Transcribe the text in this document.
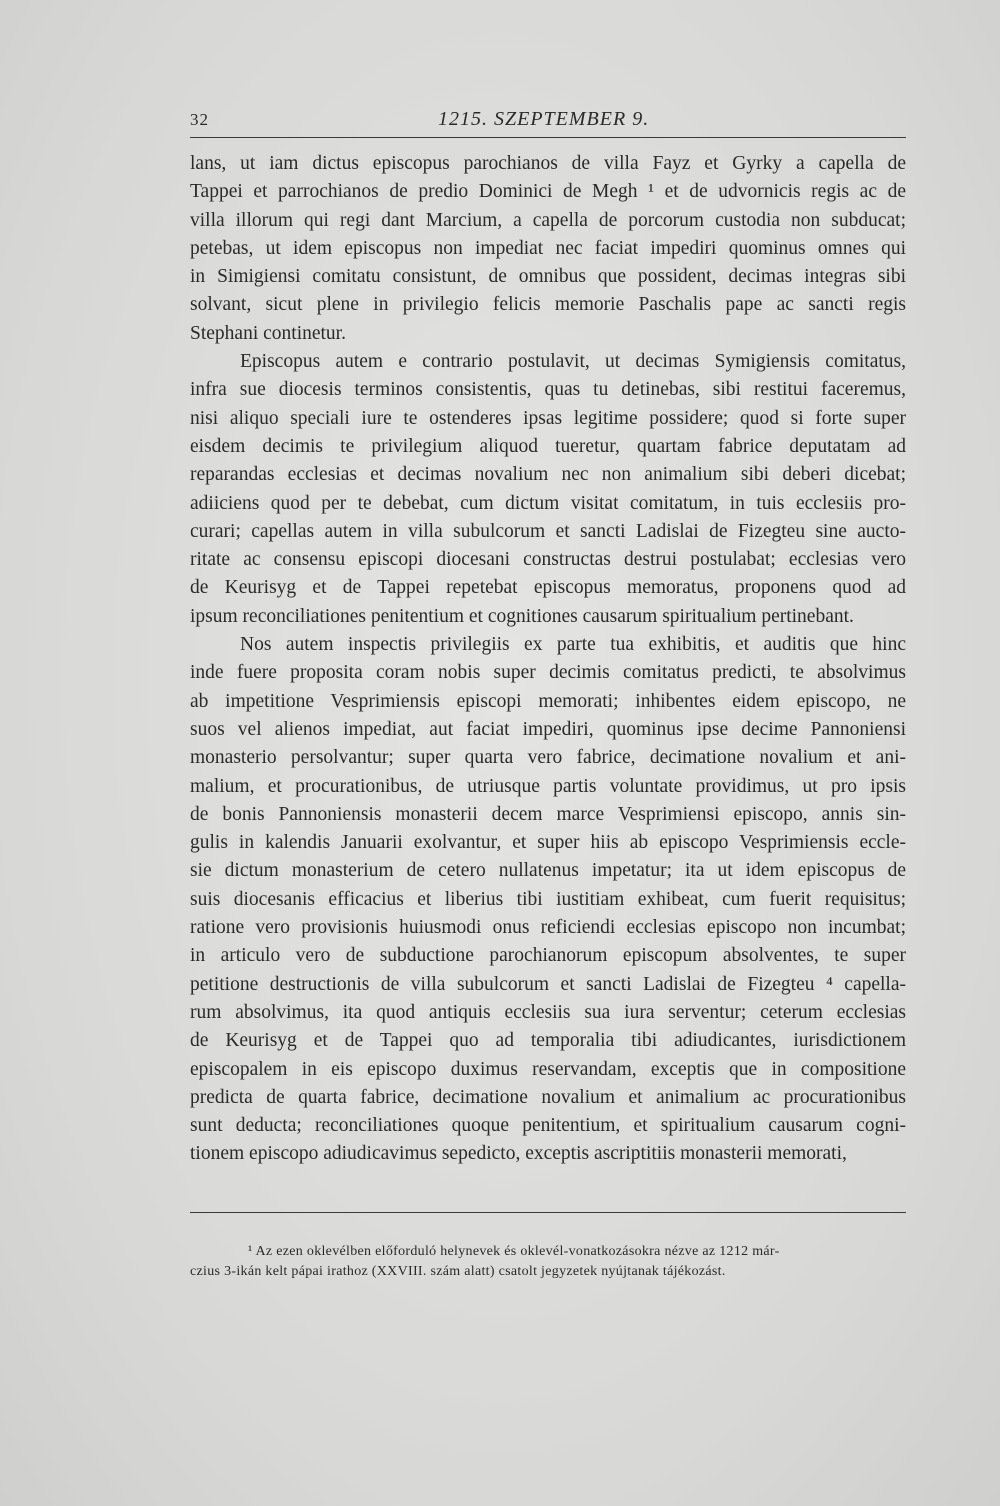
32	1215. SZEPTEMBER 9.

lans, ut iam dictus episcopus parochianos de villa Fayz et Gyrky a capella de
Tappei et parrochianos de predio Dominici de Megh ¹ et de udvornicis regis ac de
villa illorum qui regi dant Marcium, a capella de porcorum custodia non subducat;
petebas, ut idem episcopus non impediat nec faciat impediri quominus omnes qui
in Simigiensi comitatu consistunt, de omnibus que possident, decimas integras sibi
solvant, sicut plene in privilegio felicis memorie Paschalis pape ac sancti regis
Stephani continetur.

Episcopus autem e contrario postulavit, ut decimas Symigiensis comitatus,
infra sue diocesis terminos consistentis, quas tu detinebas, sibi restitui faceremus,
nisi aliquo speciali iure te ostenderes ipsas legitime possidere; quod si forte super
eisdem decimis te privilegium aliquod tueretur, quartam fabrice deputatam ad
reparandas ecclesias et decimas novalium nec non animalium sibi deberi dicebat;
adiiciens quod per te debebat, cum dictum visitat comitatum, in tuis ecclesiis pro-
curari; capellas autem in villa subulcorum et sancti Ladislai de Fizegteu sine aucto-
ritate ac consensu episcopi diocesani constructas destrui postulabat; ecclesias vero
de Keurisyg et de Tappei repetebat episcopus memoratus, proponens quod ad
ipsum reconciliationes penitentium et cognitiones causarum spiritualium pertinebant.

Nos autem inspectis privilegiis ex parte tua exhibitis, et auditis que hinc
inde fuere proposita coram nobis super decimis comitatus predicti, te absolvimus
ab impetitione Vesprimiensis episcopi memorati; inhibentes eidem episcopo, ne
suos vel alienos impediat, aut faciat impediri, quominus ipse decime Pannoniensi
monasterio persolvantur; super quarta vero fabrice, decimatione novalium et ani-
malium, et procurationibus, de utriusque partis voluntate providimus, ut pro ipsis
de bonis Pannoniensis monasterii decem marce Vesprimiensi episcopo, annis sin-
gulis in kalendis Januarii exolvantur, et super hiis ab episcopo Vesprimiensis eccle-
sie dictum monasterium de cetero nullatenus impetatur; ita ut idem episcopus de
suis diocesanis efficacius et liberius tibi iustitiam exhibeat, cum fuerit requisitus;
ratione vero provisionis huiusmodi onus reficiendi ecclesias episcopo non incumbat;
in articulo vero de subductione parochianorum episcopum absolventes, te super
petitione destructionis de villa subulcorum et sancti Ladislai de Fizegteu ⁴ capella-
rum absolvimus, ita quod antiquis ecclesiis sua iura serventur; ceterum ecclesias
de Keurisyg et de Tappei quo ad temporalia tibi adiudicantes, iurisdictionem
episcopalem in eis episcopo duximus reservandam, exceptis que in compositione
predicta de quarta fabrice, decimatione novalium et animalium ac procurationibus
sunt deducta; reconciliationes quoque penitentium, et spiritualium causarum cogni-
tionem episcopo adiudicavimus sepedicto, exceptis ascriptitiis monasterii memorati,

¹ Az ezen oklevélben előforduló helynevek és oklevél-vonatkozásokra nézve az 1212 már-
czius 3-ikán kelt pápai irathoz (XXVIII. szám alatt) csatolt jegyzetek nyújtanak tájékozást.
